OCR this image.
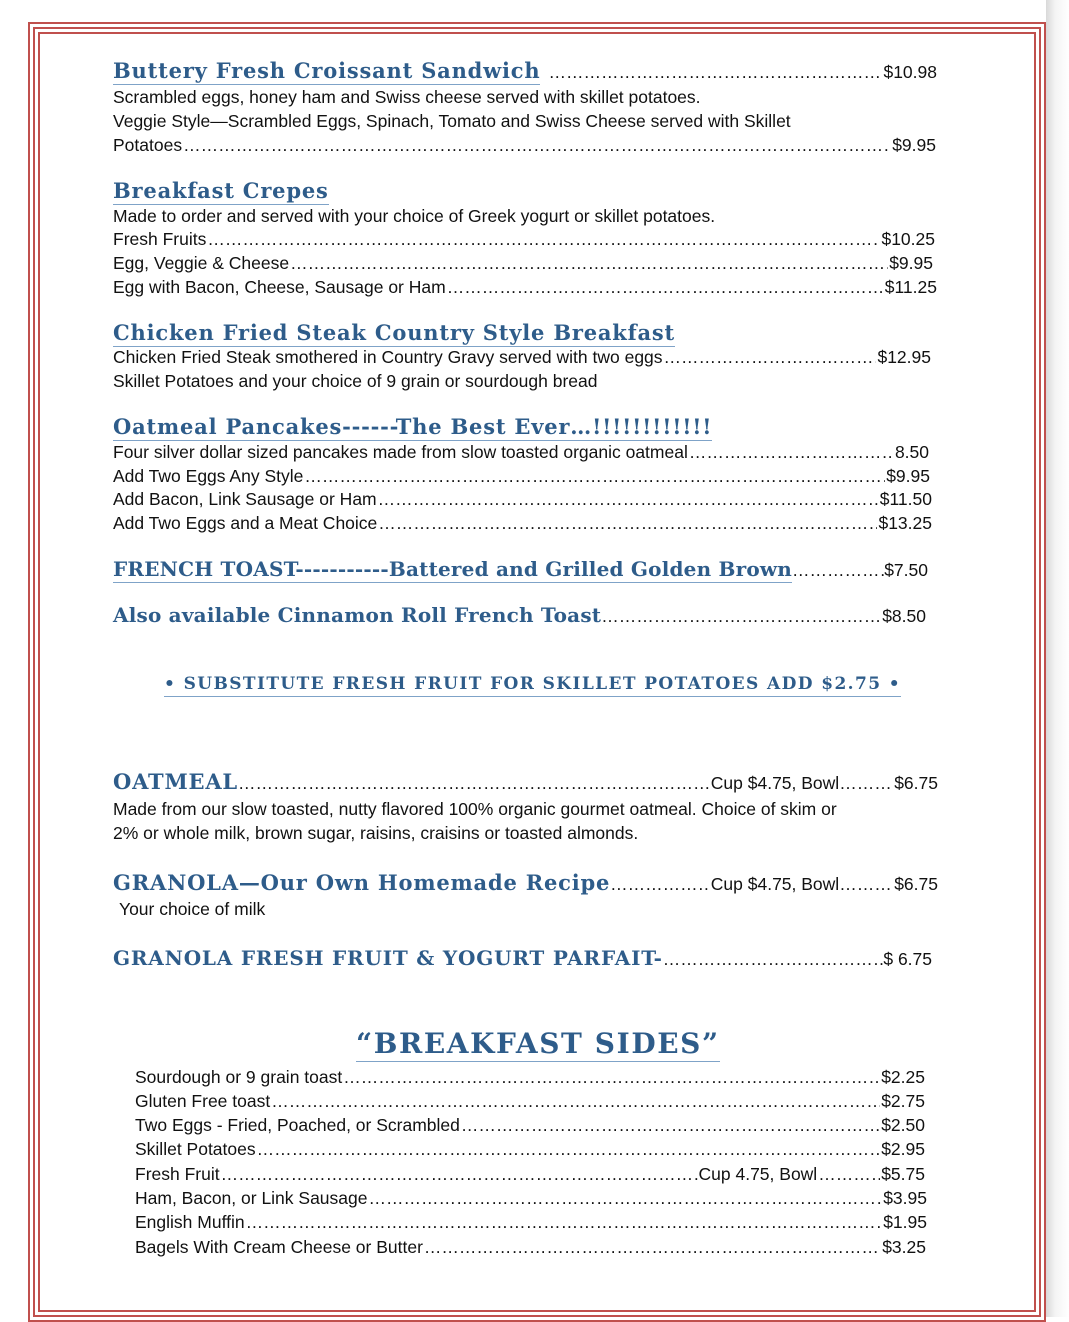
Buttery Fresh Croissant Sandwich ……………………………………………………………………………………………………………………………………………………………………	$10.98
Scrambled eggs, honey ham and Swiss cheese served with skillet potatoes.
Veggie Style—Scrambled Eggs, Spinach, Tomato and Swiss Cheese served with Skillet
Potatoes ……………………………………………………………………………………………………………………………………………………………………………	$9.95
Breakfast Crepes
Made to order and served with your choice of Greek yogurt or skillet potatoes.
Fresh Fruits ……………………………………………………………………………………………………………………………………………………………………………	$10.25
Egg, Veggie & Cheese ……………………………………………………………………………………………………………………………………………………………………………	$9.95
Egg with Bacon, Cheese, Sausage or Ham ……………………………………………………………………………………………………………………………………………………………………………	$11.25
Chicken Fried Steak Country Style Breakfast
Chicken Fried Steak smothered in Country Gravy served with two eggs ……………………………………………………………………………………………………………………………………………………………………………	$12.95
Skillet Potatoes and your choice of 9 grain or sourdough bread
Oatmeal Pancakes------The Best Ever…!!!!!!!!!!!!
Four silver dollar sized pancakes made from slow toasted organic oatmeal ……………………………………………………………………………………………………………………………………………………………………………	8.50
Add Two Eggs Any Style ……………………………………………………………………………………………………………………………………………………………………………	$9.95
Add Bacon, Link Sausage or Ham ……………………………………………………………………………………………………………………………………………………………………………	$11.50
Add Two Eggs and a Meat Choice ……………………………………………………………………………………………………………………………………………………………………………	$13.25
FRENCH TOAST-----------Battered and Grilled Golden Brown ……………………………………………………………………………………………………………………………………………………………………	$7.50
Also available Cinnamon Roll French Toast ……………………………………………………………………………………………………………………………………………………………………	$8.50
• SUBSTITUTE FRESH FRUIT FOR SKILLET POTATOES ADD $2.75 •
OATMEAL ……………………………………………………………………………………………………………………………………………………………………	Cup $4.75, Bowl ……………………………………………………………………………………………………………………………………………………………………	$6.75
Made from our slow toasted, nutty flavored 100% organic gourmet oatmeal. Choice of skim or
2% or whole milk, brown sugar, raisins, craisins or toasted almonds.
GRANOLA—Our Own Homemade Recipe ……………………………………………………………………………………………………………………………………………………………………	Cup $4.75, Bowl ……………………………………………………………………………………………………………………………………………………………………	$6.75
Your choice of milk
GRANOLA FRESH FRUIT & YOGURT PARFAIT- ……………………………………………………………………………………………………………………………………………………………………	$ 6.75
“BREAKFAST SIDES”
Sourdough or 9 grain toast ……………………………………………………………………………………………………………………………………………………………………………	$2.25
Gluten Free toast ……………………………………………………………………………………………………………………………………………………………………………	$2.75
Two Eggs - Fried, Poached, or Scrambled ……………………………………………………………………………………………………………………………………………………………………………	$2.50
Skillet Potatoes ……………………………………………………………………………………………………………………………………………………………………………	$2.95
Fresh Fruit ……………………………………………………………………………………………………………………………………………………………………………	Cup 4.75, Bowl ……………………………………………………………………………………………………………………………………………………………………………	$5.75
Ham, Bacon, or Link Sausage ……………………………………………………………………………………………………………………………………………………………………………	$3.95
English Muffin ……………………………………………………………………………………………………………………………………………………………………………	$1.95
Bagels With Cream Cheese or Butter ……………………………………………………………………………………………………………………………………………………………………………	$3.25
